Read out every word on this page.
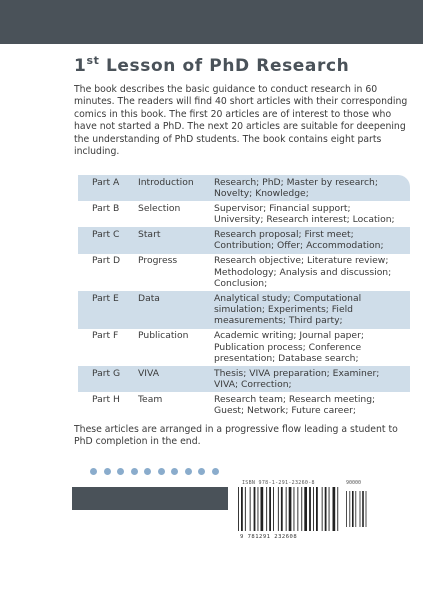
1st Lesson of PhD Research

The book describes the basic guidance to conduct research in 60 minutes. The readers will find 40 short articles with their corresponding comics in this book. The first 20 articles are of interest to those who have not started a PhD. The next 20 articles are suitable for deepening the understanding of PhD students. The book contains eight parts including.

Part A	Introduction	Research; PhD; Master by research; Novelty; Knowledge;
Part B	Selection	Supervisor; Financial support; University; Research interest; Location;
Part C	Start	Research proposal; First meet; Contribution; Offer; Accommodation;
Part D	Progress	Research objective; Literature review; Methodology; Analysis and discussion; Conclusion;
Part E	Data	Analytical study; Computational simulation; Experiments; Field measurements; Third party;
Part F	Publication	Academic writing; Journal paper; Publication process; Conference presentation; Database search;
Part G	VIVA	Thesis; VIVA preparation; Examiner; VIVA; Correction;
Part H	Team	Research team; Research meeting; Guest; Network; Future career;

These articles are arranged in a progressive flow leading a student to PhD completion in the end.

ISBN 978-1-291-23260-8	90000
9 781291 232608
